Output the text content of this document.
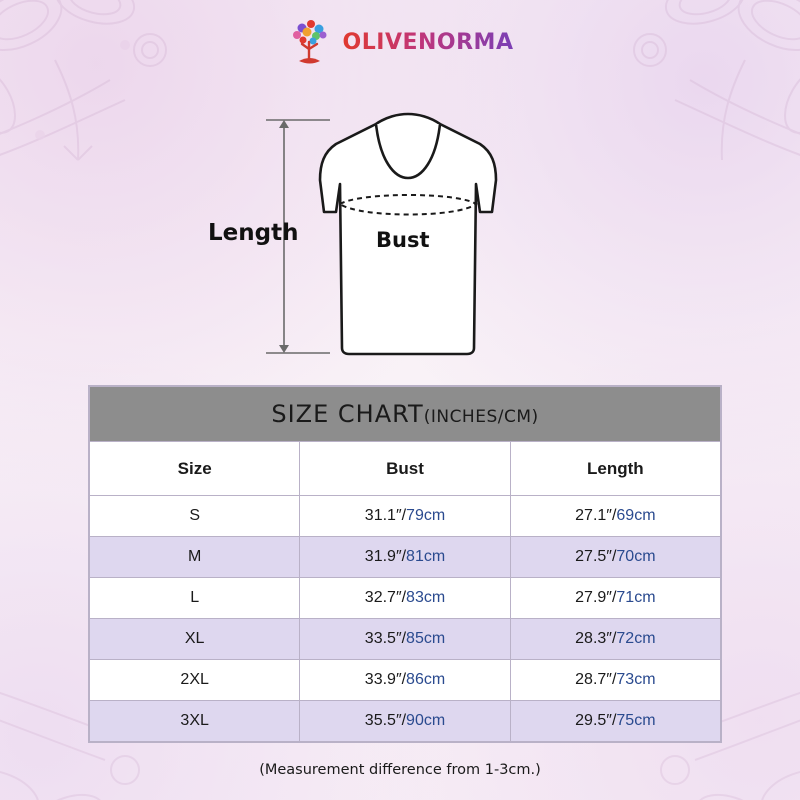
OLIVENORMA
Length	Bust
SIZE CHART(INCHES/CM)		
Size	Bust	Length
S	31.1″/79cm	27.1″/69cm
M	31.9″/81cm	27.5″/70cm
L	32.7″/83cm	27.9″/71cm
XL	33.5″/85cm	28.3″/72cm
2XL	33.9″/86cm	28.7″/73cm
3XL	35.5″/90cm	29.5″/75cm
(Measurement difference from 1-3cm.)
